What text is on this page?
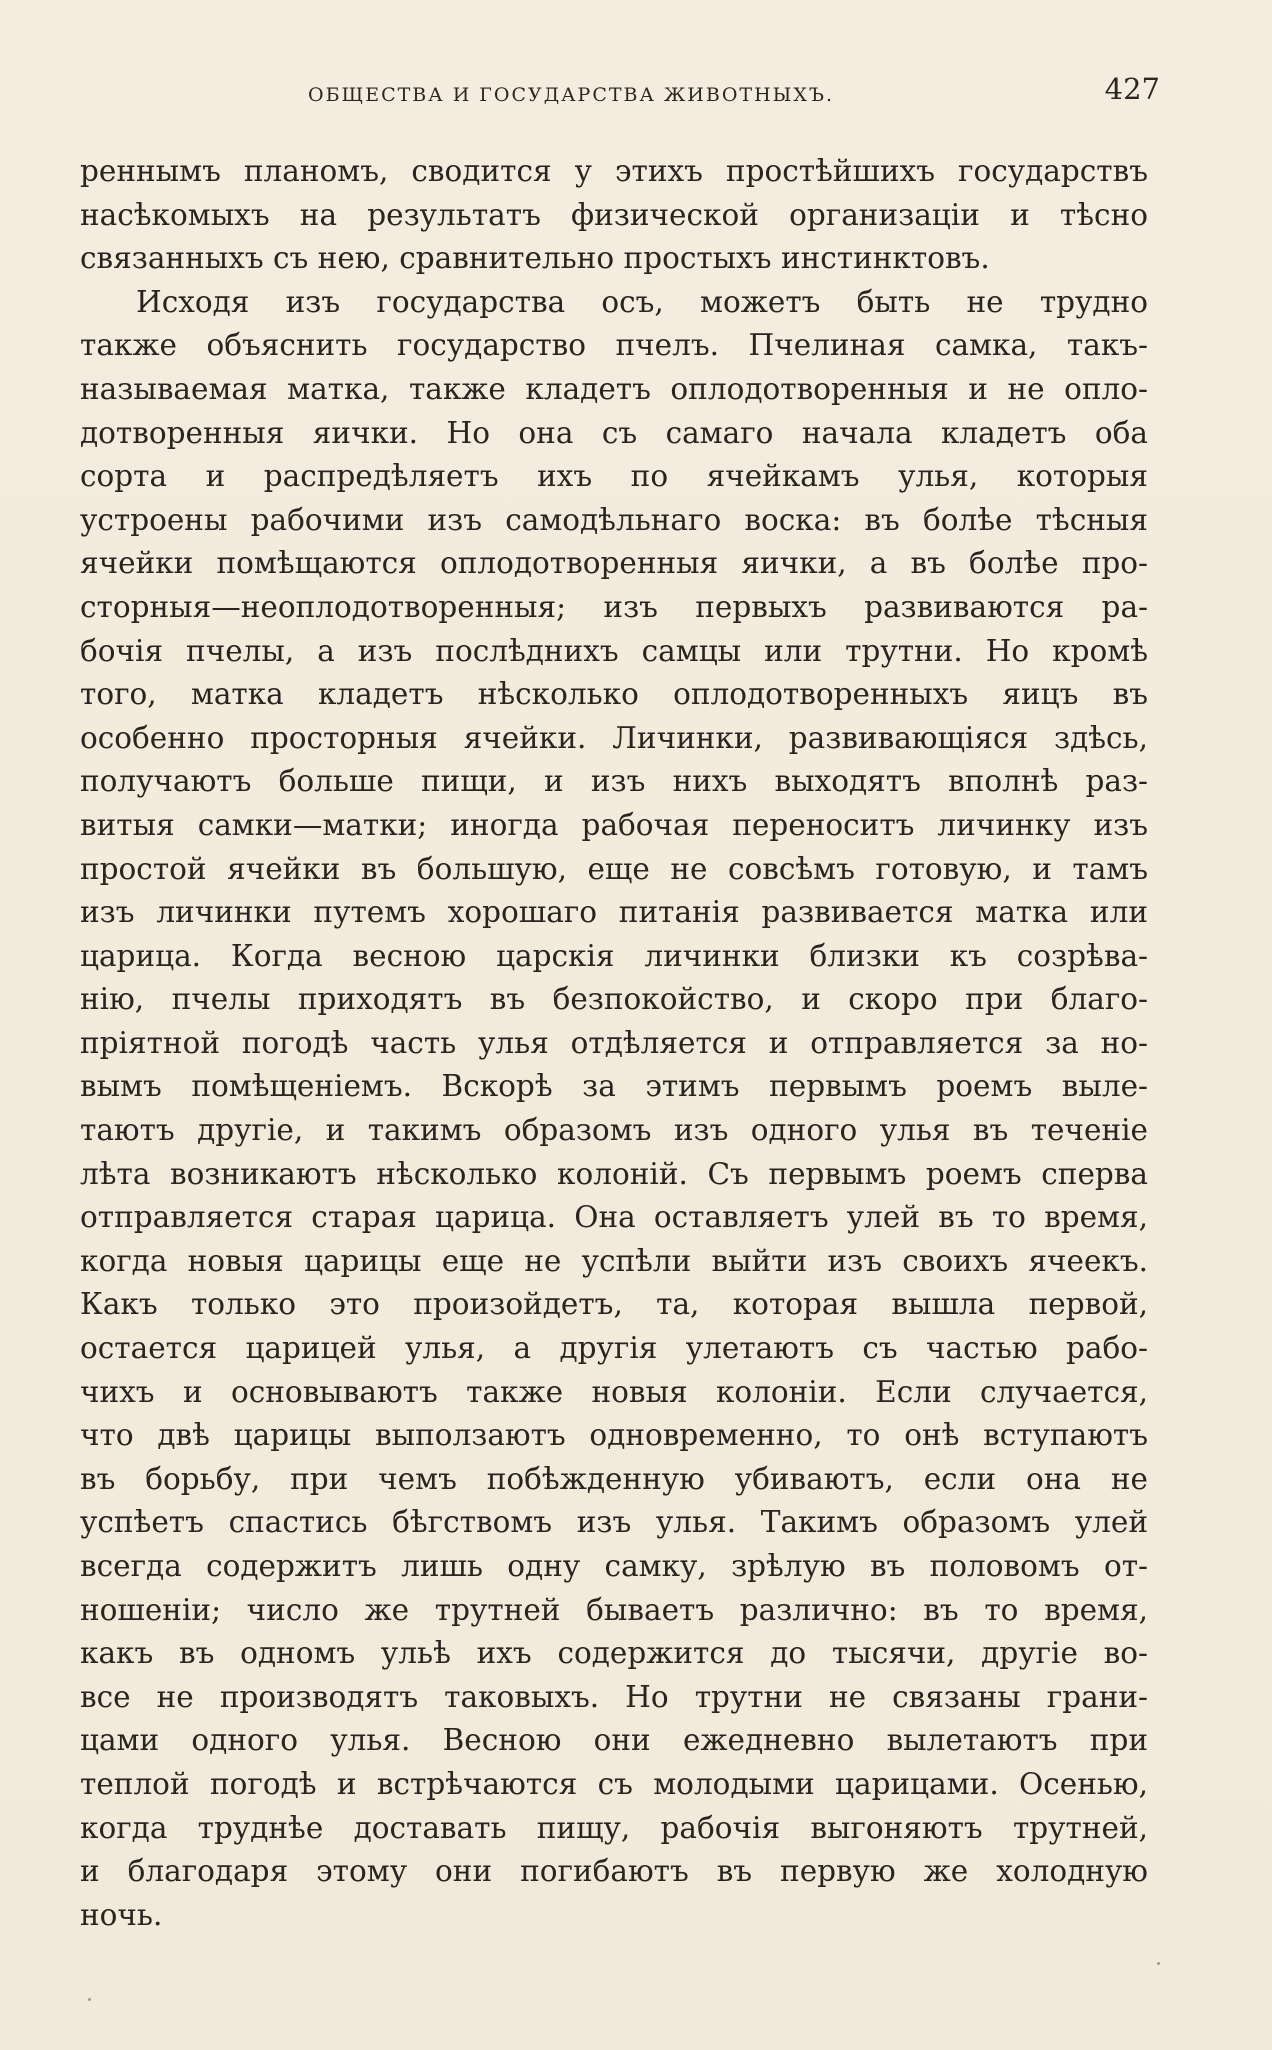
ОБЩЕСТВА И ГОСУДАРСТВА ЖИВОТНЫХЪ.	427
реннымъ планомъ, сводится у этихъ простѣйшихъ государствъ
насѣкомыхъ на результатъ физической организаціи и тѣсно
связанныхъ съ нею, сравнительно простыхъ инстинктовъ.
Исходя изъ государства осъ, можетъ быть не трудно
также объяснить государство пчелъ. Пчелиная самка, такъ-
называемая матка, также кладетъ оплодотворенныя и не оплo-
дотворенныя яички. Но она съ самаго начала кладетъ оба
сорта и распредѣляетъ ихъ по ячейкамъ улья, которыя
устроены рабочими изъ самодѣльнаго воска: въ болѣе тѣсныя
ячейки помѣщаются оплодотворенныя яички, а въ болѣе про-
сторныя—неоплодотворенныя; изъ первыхъ развиваются ра-
бочія пчелы, а изъ послѣднихъ самцы или трутни. Но кромѣ
того, матка кладетъ нѣсколько оплодотворенныхъ яицъ въ
особенно просторныя ячейки. Личинки, развивающіяся здѣсь,
получаютъ больше пищи, и изъ нихъ выходятъ вполнѣ раз-
витыя самки—матки; иногда рабочая переноситъ личинку изъ
простой ячейки въ большую, еще не совсѣмъ готовую, и тамъ
изъ личинки путемъ хорошаго питанія развивается матка или
царица. Когда весною царскія личинки близки къ созрѣва-
нію, пчелы приходятъ въ безпокойство, и скоро при благо-
пріятной погодѣ часть улья отдѣляется и отправляется за но-
вымъ помѣщеніемъ. Вскорѣ за этимъ первымъ роемъ выле-
таютъ другіе, и такимъ образомъ изъ одного улья въ теченіе
лѣта возникаютъ нѣсколько колоній. Съ первымъ роемъ сперва
отправляется старая царица. Она оставляетъ улей въ то время,
когда новыя царицы еще не успѣли выйти изъ своихъ ячеекъ.
Какъ только это произойдетъ, та, которая вышла первой,
остается царицей улья, а другія улетаютъ съ частью рабо-
чихъ и основываютъ также новыя колоніи. Если случается,
что двѣ царицы выползаютъ одновременно, то онѣ вступаютъ
въ борьбу, при чемъ побѣжденную убиваютъ, если она не
успѣетъ спастись бѣгствомъ изъ улья. Такимъ образомъ улей
всегда содержитъ лишь одну самку, зрѣлую въ половомъ от-
ношеніи; число же трутней бываетъ различно: въ то время,
какъ въ одномъ ульѣ ихъ содержится до тысячи, другіе во-
все не производятъ таковыхъ. Но трутни не связаны грани-
цами одного улья. Весною они ежедневно вылетаютъ при
теплой погодѣ и встрѣчаются съ молодыми царицами. Осенью,
когда труднѣе доставать пищу, рабочія выгоняютъ трутней,
и благодаря этому они погибаютъ въ первую же холодную
ночь.
